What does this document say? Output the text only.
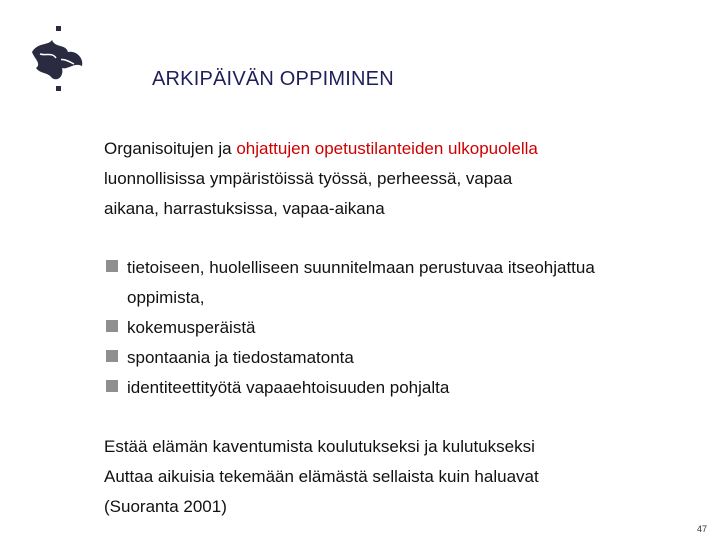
ARKIPÄIVÄN OPPIMINEN
Organisoitujen ja ohjattujen opetustilanteiden ulkopuolella
luonnollisissa ympäristöissä työssä, perheessä, vapaa
aikana, harrastuksissa, vapaa-aikana
tietoiseen, huolelliseen suunnitelmaan perustuvaa itseohjattua
oppimista,
kokemusperäistä
spontaania ja tiedostamatonta
identiteettityötä vapaaehtoisuuden pohjalta
Estää elämän kaventumista koulutukseksi ja kulutukseksi
Auttaa aikuisia tekemään elämästä sellaista kuin haluavat
(Suoranta 2001)
47
